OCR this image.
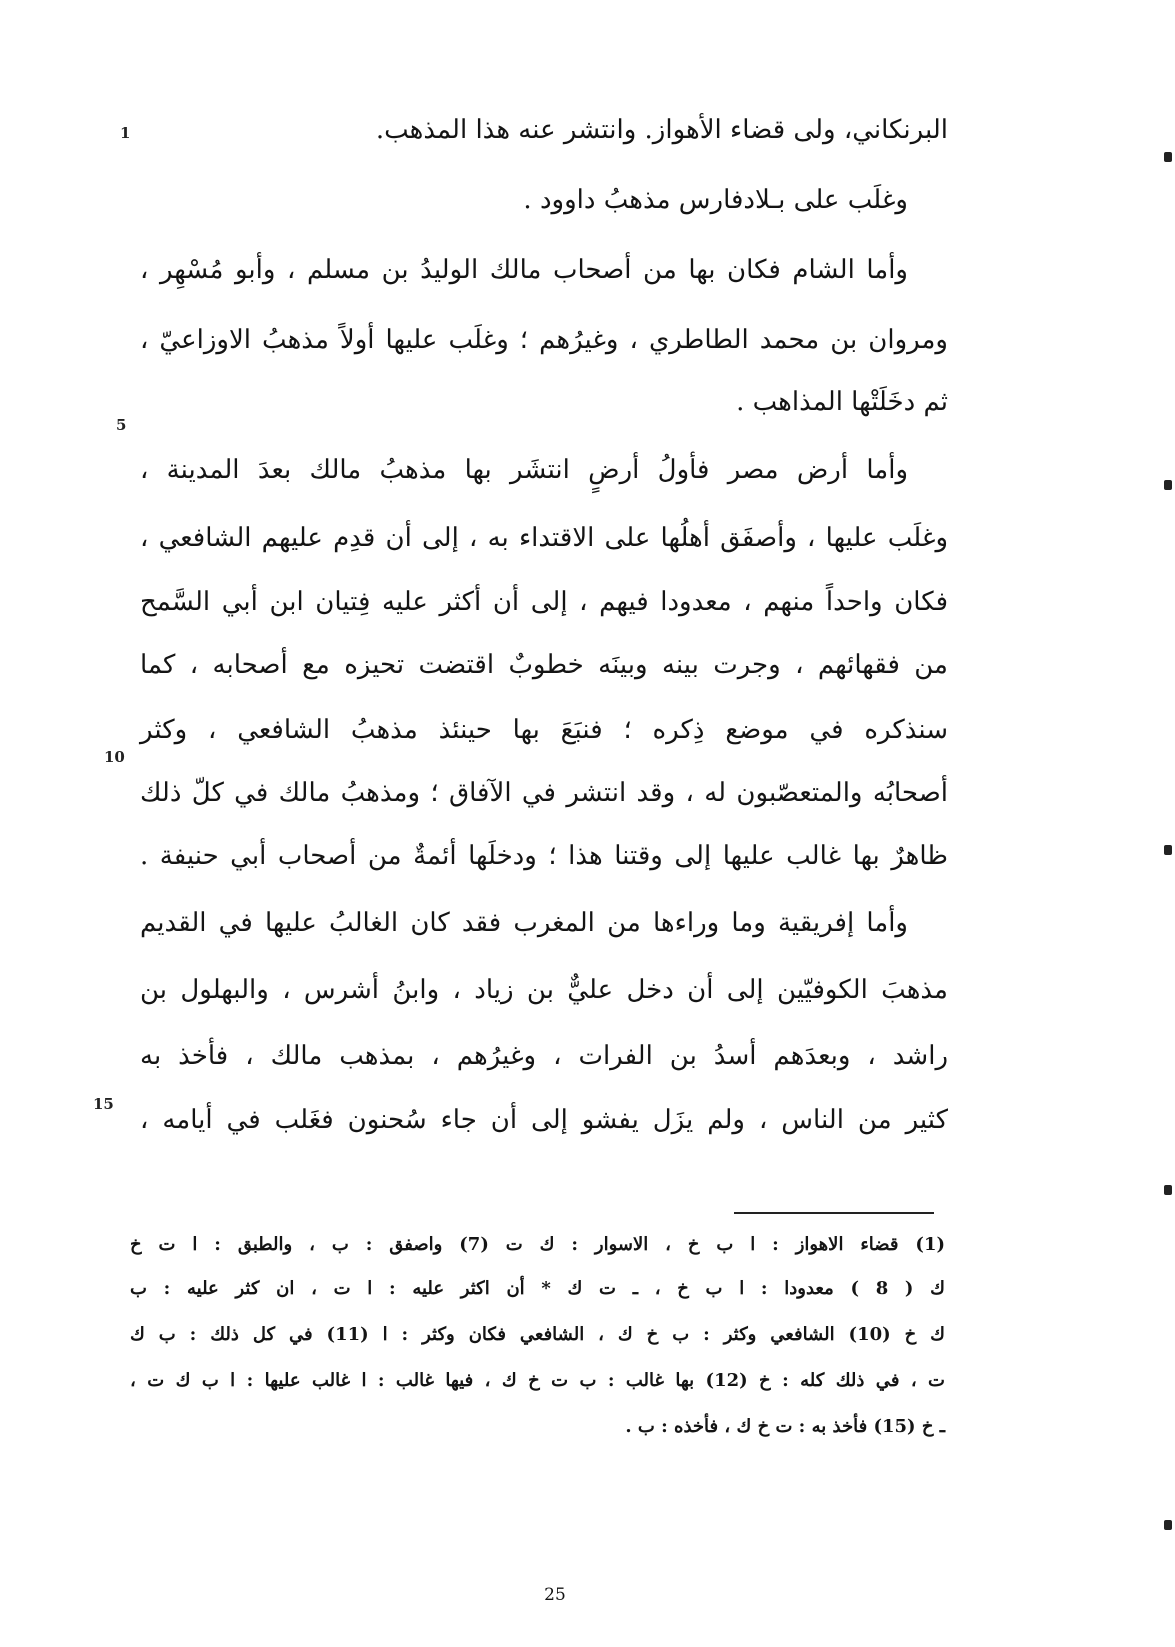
البرنكاني، ولى قضاء الأهواز. وانتشر عنه هذا المذهب.
وغلَب على بـلادفارس مذهبُ داوود .
وأما الشام فكان بها من أصحاب مالك الوليدُ بن مسلم ، وأبو مُسْهِر ،
ومروان بن محمد الطاطري ، وغيرُهم ؛ وغلَب عليها أولاً مذهبُ الاوزاعيّ ،
ثم دخَلَتْها المذاهب .
وأما أرض مصر فأولُ أرضٍ انتشَر بها مذهبُ مالك بعدَ المدينة ،
وغلَب عليها ، وأصفَق أهلُها على الاقتداء به ، إلى أن قدِم عليهم الشافعي ،
فكان واحداً منهم ، معدودا فيهم ، إلى أن أكثر عليه فِتيان ابن أبي السَّمح
من فقهائهم ، وجرت بينه وبينَه خطوبٌ اقتضت تحيزه مع أصحابه ، كما
سنذكره في موضع ذِكره ؛ فنبَعَ بها حينئذ مذهبُ الشافعي ، وكثر
أصحابُه والمتعصّبون له ، وقد انتشر في الآفاق ؛ ومذهبُ مالك في كلّ ذلك
ظاهرٌ بها غالب عليها إلى وقتنا هذا ؛ ودخلَها أئمةٌ من أصحاب أبي حنيفة .
وأما إفريقية وما وراءها من المغرب فقد كان الغالبُ عليها في القديم
مذهبَ الكوفيّين إلى أن دخل عليٌّ بن زياد ، وابنُ أشرس ، والبهلول بن
راشد ، وبعدَهم أسدُ بن الفرات ، وغيرُهم ، بمذهب مالك ، فأخذ به
كثير من الناس ، ولم يزَل يفشو إلى أن جاء سُحنون فغَلب في أيامه ،
1
5
10
15
(1) قضاء الاهواز : ا ب خ ، الاسوار : ك ت (7) واصفق : ب ، والطبق : ا ت خ
ك ( 8 ) معدودا : ا ب خ ، ـ ت ك * أن اكثر عليه : ا ت ، ان كثر عليه : ب
ك خ (10) الشافعي وكثر : ب خ ك ، الشافعي فكان وكثر : ا (11) في كل ذلك : ب ك
ت ، في ذلك كله : خ (12) بها غالب : ب ت خ ك ، فيها غالب : ا غالب عليها : ا ب ك ت ،
ـ خ (15) فأخذ به : ت خ ك ، فأخذه : ب .
25
